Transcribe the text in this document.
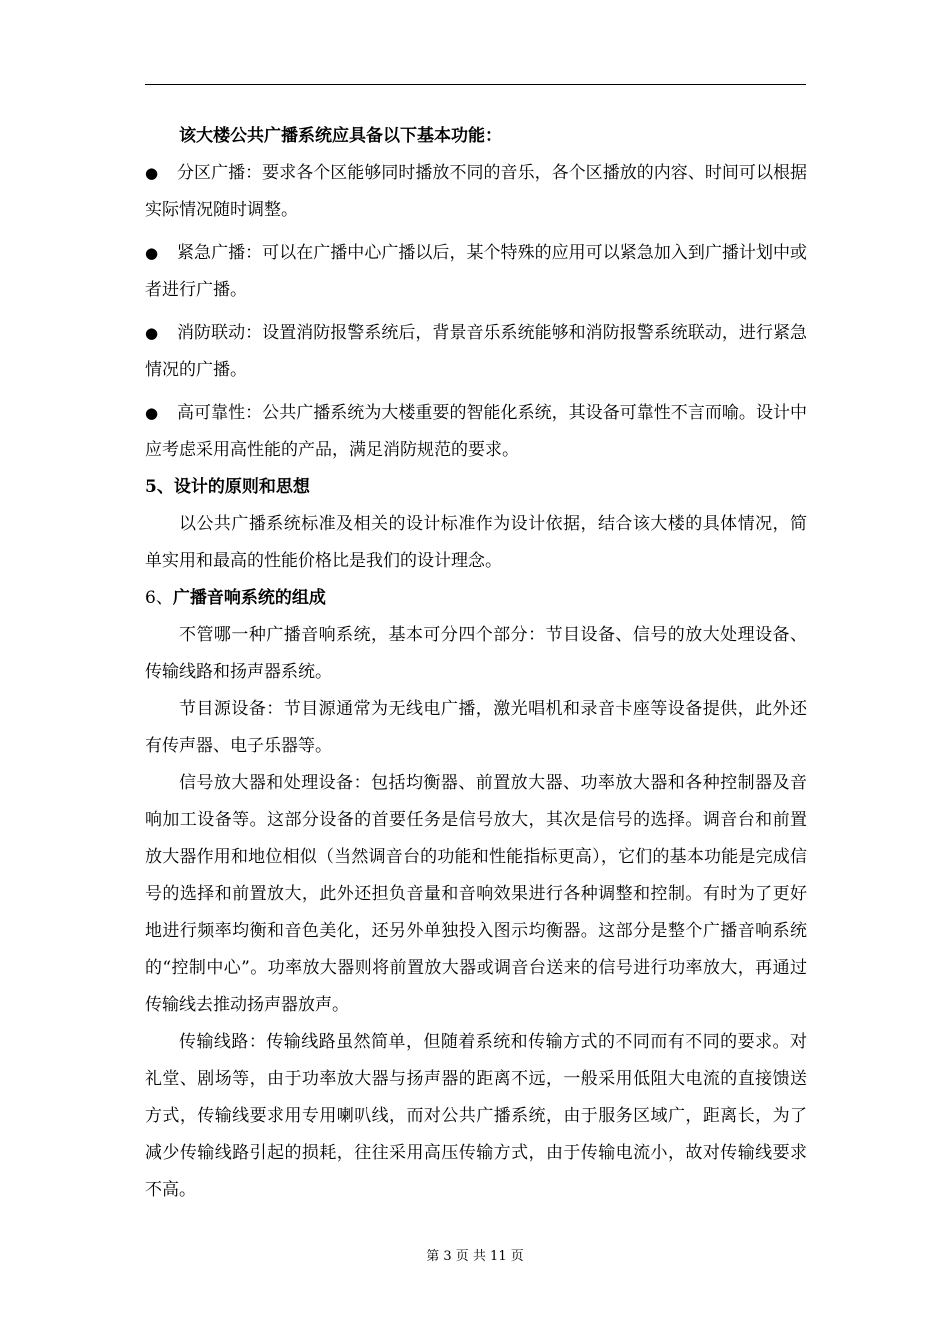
该大楼公共广播系统应具备以下基本功能：

● 分区广播：要求各个区能够同时播放不同的音乐，各个区播放的内容、时间可以根据实际情况随时调整。

● 紧急广播：可以在广播中心广播以后，某个特殊的应用可以紧急加入到广播计划中或者进行广播。

● 消防联动：设置消防报警系统后，背景音乐系统能够和消防报警系统联动，进行紧急情况的广播。

● 高可靠性：公共广播系统为大楼重要的智能化系统，其设备可靠性不言而喻。设计中应考虑采用高性能的产品，满足消防规范的要求。

5、设计的原则和思想

以公共广播系统标准及相关的设计标准作为设计依据，结合该大楼的具体情况，简单实用和最高的性能价格比是我们的设计理念。

6、广播音响系统的组成

不管哪一种广播音响系统，基本可分四个部分：节目设备、信号的放大处理设备、传输线路和扬声器系统。

节目源设备：节目源通常为无线电广播，激光唱机和录音卡座等设备提供，此外还有传声器、电子乐器等。

信号放大器和处理设备：包括均衡器、前置放大器、功率放大器和各种控制器及音响加工设备等。这部分设备的首要任务是信号放大，其次是信号的选择。调音台和前置放大器作用和地位相似（当然调音台的功能和性能指标更高），它们的基本功能是完成信号的选择和前置放大，此外还担负音量和音响效果进行各种调整和控制。有时为了更好地进行频率均衡和音色美化，还另外单独投入图示均衡器。这部分是整个广播音响系统的“控制中心”。功率放大器则将前置放大器或调音台送来的信号进行功率放大，再通过传输线去推动扬声器放声。

传输线路：传输线路虽然简单，但随着系统和传输方式的不同而有不同的要求。对礼堂、剧场等，由于功率放大器与扬声器的距离不远，一般采用低阻大电流的直接馈送方式，传输线要求用专用喇叭线，而对公共广播系统，由于服务区域广，距离长，为了减少传输线路引起的损耗，往往采用高压传输方式，由于传输电流小，故对传输线要求不高。

第 3 页 共 11 页
